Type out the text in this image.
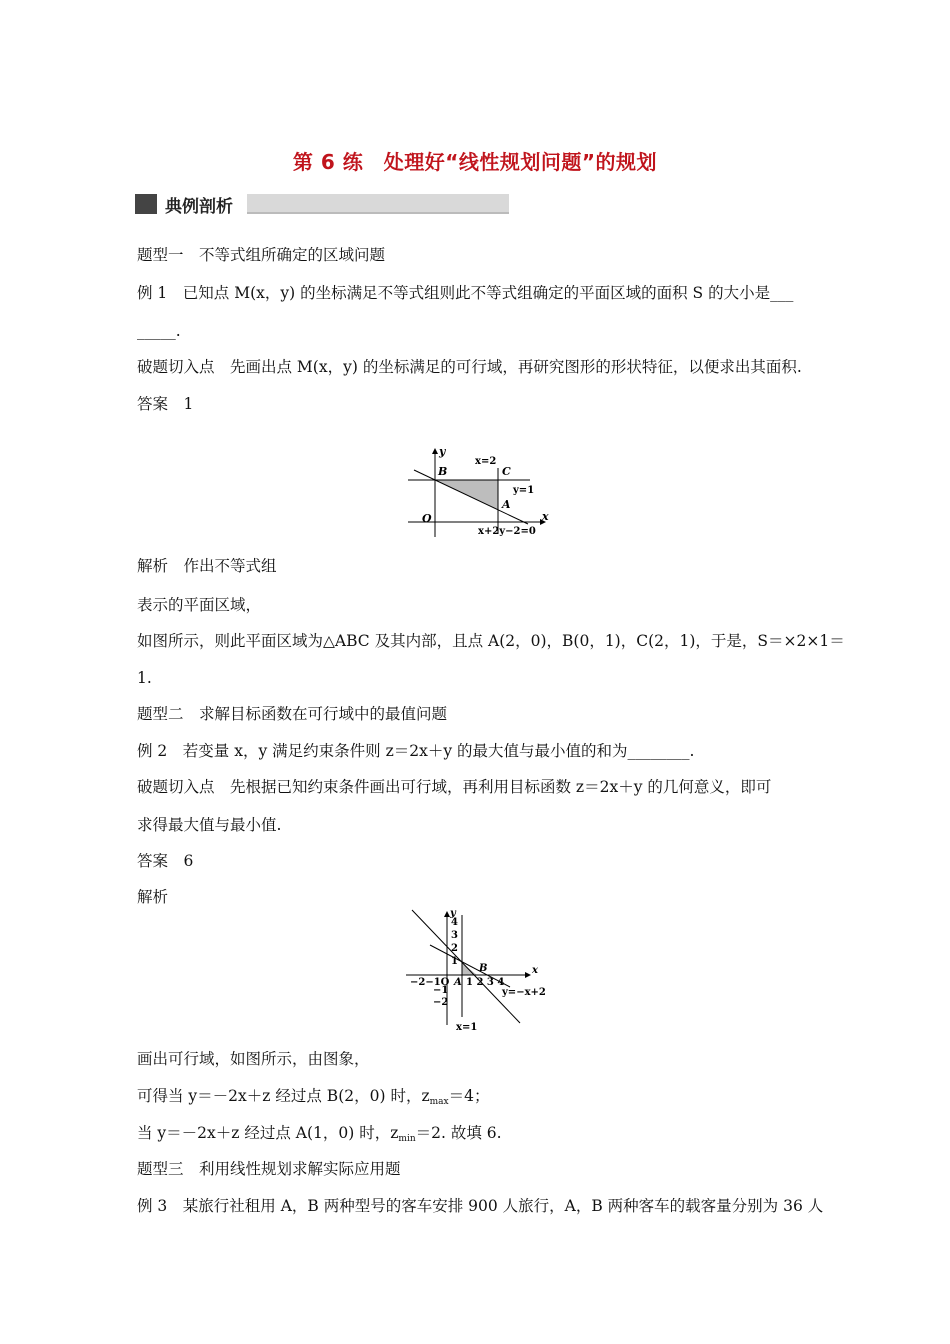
第 6 练　处理好“线性规划问题”的规划
典例剖析
题型一　不等式组所确定的区域问题
例 1　已知点 M(x，y) 的坐标满足不等式组则此不等式组确定的平面区域的面积 S 的大小是___
_____.
破题切入点　先画出点 M(x，y) 的坐标满足的可行域，再研究图形的形状特征，以便求出其面积.
答案　1
y
x
O
B	C
A
x=2
y=1
x+2y−2=0
解析　作出不等式组
表示的平面区域，
如图所示，则此平面区域为△ABC 及其内部，且点 A(2，0)，B(0，1)，C(2，1)，于是，S＝×2×1＝
1.
题型二　求解目标函数在可行域中的最值问题
例 2　若变量 x，y 满足约束条件则 z＝2x＋y 的最大值与最小值的和为________.
破题切入点　先根据已知约束条件画出可行域，再利用目标函数 z＝2x＋y 的几何意义，即可
求得最大值与最小值.
答案　6
解析
y
x
4
3
2
1
−1
−2
−2−1O A 1 2 3 4
B
y=−x+2
x=1
画出可行域，如图所示，由图象，
可得当 y＝－2x＋z 经过点 B(2，0) 时，$z_{max}=4$；
当 y＝－2x＋z 经过点 A(1，0) 时，$z_{min}=2$. 故填 6.
题型三　利用线性规划求解实际应用题
例 3　某旅行社租用 A，B 两种型号的客车安排 900 人旅行，A，B 两种客车的载客量分别为 36 人
